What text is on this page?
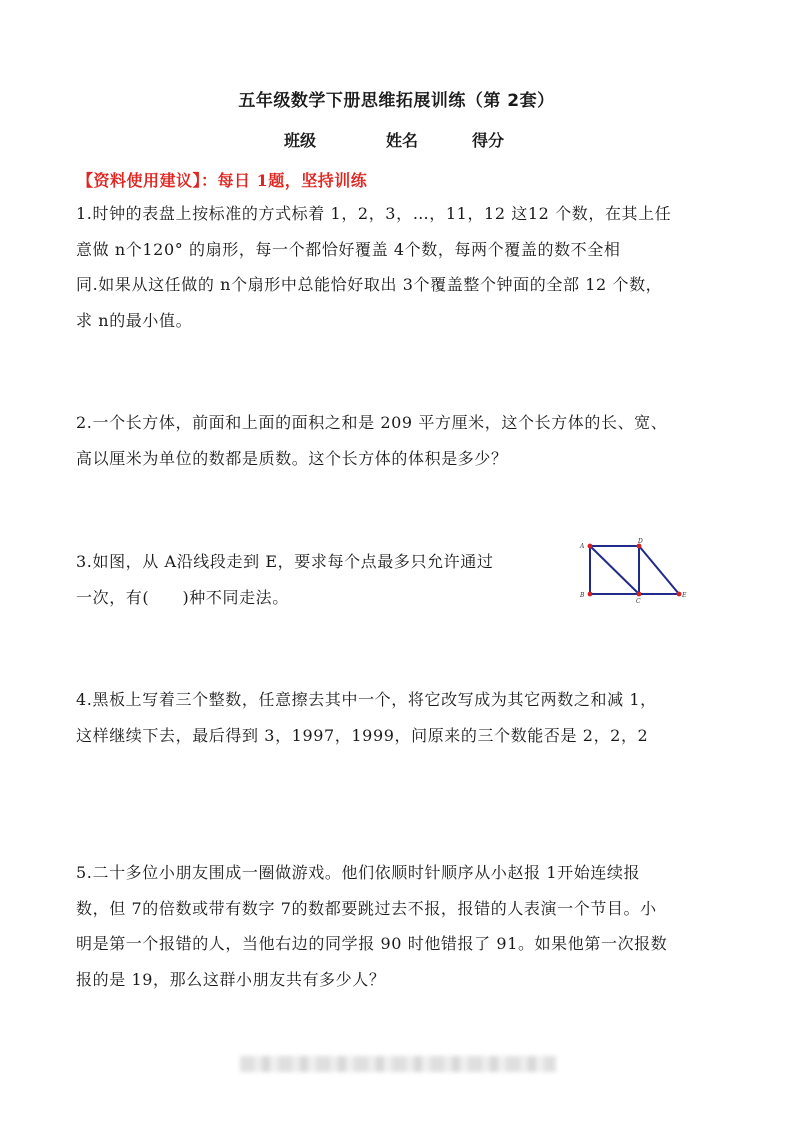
五年级数学下册思维拓展训练（第 2套）
班级	姓名	得分
【资料使用建议】：每日 1题，坚持训练
1.时钟的表盘上按标准的方式标着 1，2，3，…，11，12 这12 个数，在其上任
意做 n个120° 的扇形，每一个都恰好覆盖 4个数，每两个覆盖的数不全相
同.如果从这任做的 n个扇形中总能恰好取出 3个覆盖整个钟面的全部 12 个数，
求 n的最小值。
2.一个长方体，前面和上面的面积之和是 209 平方厘米，这个长方体的长、宽、
高以厘米为单位的数都是质数。这个长方体的体积是多少？
3.如图，从 A沿线段走到 E，要求每个点最多只允许通过
一次，有(　　)种不同走法。
A
D
B
C
E
4.黑板上写着三个整数，任意擦去其中一个，将它改写成为其它两数之和减 1，
这样继续下去，最后得到 3，1997，1999，问原来的三个数能否是 2，2，2
5.二十多位小朋友围成一圈做游戏。他们依顺时针顺序从小赵报 1开始连续报
数，但 7的倍数或带有数字 7的数都要跳过去不报，报错的人表演一个节目。小
明是第一个报错的人，当他右边的同学报 90 时他错报了 91。如果他第一次报数
报的是 19，那么这群小朋友共有多少人？
